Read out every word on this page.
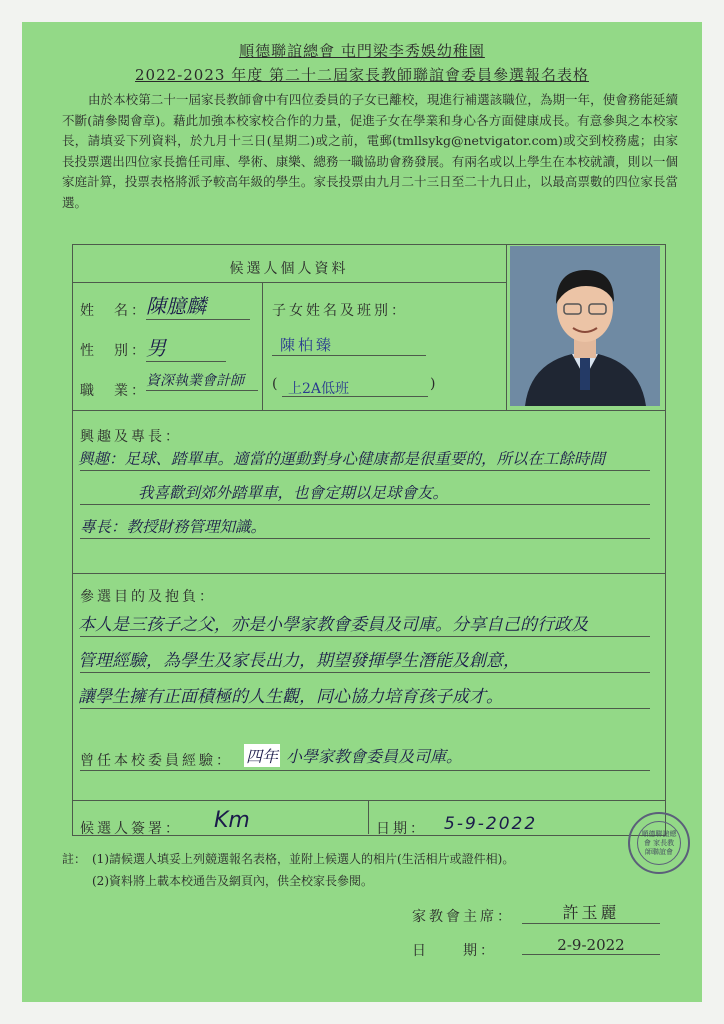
順德聯誼總會 屯門梁李秀娛幼稚園
2022-2023 年度 第二十二屆家長教師聯誼會委員參選報名表格
由於本校第二十一屆家長教師會中有四位委員的子女已離校，現進行補選該職位，為期一年，使會務能延續不斷(請參閱會章)。藉此加強本校家校合作的力量，促進子女在學業和身心各方面健康成長。有意參與之本校家長，請填妥下列資料，於九月十三日(星期二)或之前，電郵(tmllsykg@netvigator.com)或交到校務處；由家長投票選出四位家長擔任司庫、學術、康樂、總務一職協助會務發展。有兩名或以上學生在本校就讀，則以一個家庭計算，投票表格將派予較高年級的學生。家長投票由九月二十三日至二十九日止，以最高票數的四位家長當選。
候選人個人資料
姓　名：
陳臆麟
性　別：
男
職　業：
資深執業會計師
子女姓名及班別：
陳柏臻
( 上2A低班	)
興趣及專長：
興趣：足球、踏單車。適當的運動對身心健康都是很重要的，所以在工餘時間
我喜歡到郊外踏單車，也會定期以足球會友。
專長：教授財務管理知識。
參選目的及抱負：
本人是三孩子之父，亦是小學家教會委員及司庫。分享自己的行政及
管理經驗，為學生及家長出力，期望發揮學生潛能及創意，
讓學生擁有正面積極的人生觀，同心協力培育孩子成才。
曾任本校委員經驗： 四年 小學家教會委員及司庫。
候選人簽署： Km	日期： 5-9-2022	順德聯誼總會 家長教師聯誼會
註： (1)請候選人填妥上列競選報名表格，並附上候選人的相片(生活相片或證件相)。
(2)資料將上載本校通告及網頁內，供全校家長參閱。
家教會主席：	許玉麗
日　　期：	2-9-2022
